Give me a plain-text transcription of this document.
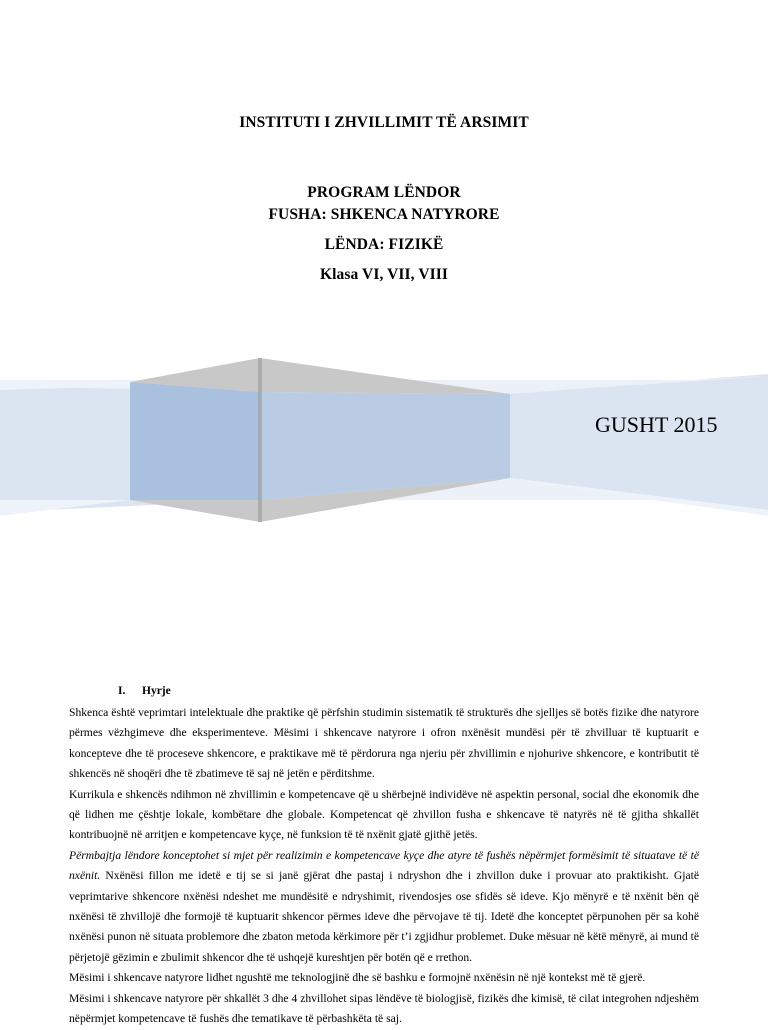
INSTITUTI I ZHVILLIMIT TË ARSIMIT
PROGRAM LËNDOR
FUSHA: SHKENCA NATYRORE
LËNDA: FIZIKË
Klasa VI, VII, VIII
GUSHT 2015
I. Hyrje

Shkenca është veprimtari intelektuale dhe praktike që përfshin studimin sistematik të strukturës dhe sjelljes së botës fizike dhe natyrore përmes vëzhgimeve dhe eksperimenteve. Mësimi i shkencave natyrore i ofron nxënësit mundësi për të zhvilluar të kuptuarit e koncepteve dhe të proceseve shkencore, e praktikave më të përdorura nga njeriu për zhvillimin e njohurive shkencore, e kontributit të shkencës në shoqëri dhe të zbatimeve të saj në jetën e përditshme.

Kurrikula e shkencës ndihmon në zhvillimin e kompetencave që u shërbejnë individëve në aspektin personal, social dhe ekonomik dhe që lidhen me çështje lokale, kombëtare dhe globale. Kompetencat që zhvillon fusha e shkencave të natyrës në të gjitha shkallët kontribuojnë në arritjen e kompetencave kyçe, në funksion të të nxënit gjatë gjithë jetës.

Përmbajtja lëndore konceptohet si mjet për realizimin e kompetencave kyçe dhe atyre të fushës nëpërmjet formësimit të situatave të të nxënit. Nxënësi fillon me idetë e tij se si janë gjërat dhe pastaj i ndryshon dhe i zhvillon duke i provuar ato praktikisht. Gjatë veprimtarive shkencore nxënësi ndeshet me mundësitë e ndryshimit, rivendosjes ose sfidës së ideve. Kjo mënyrë e të nxënit bën që nxënësi të zhvillojë dhe formojë të kuptuarit shkencor përmes ideve dhe përvojave të tij. Idetë dhe konceptet përpunohen për sa kohë nxënësi punon në situata problemore dhe zbaton metoda kërkimore për t’i zgjidhur problemet. Duke mësuar në këtë mënyrë, ai mund të përjetojë gëzimin e zbulimit shkencor dhe të ushqejë kureshtjen për botën që e rrethon.

Mësimi i shkencave natyrore lidhet ngushtë me teknologjinë dhe së bashku e formojnë nxënësin në një kontekst më të gjerë.

Mësimi i shkencave natyrore për shkallët 3 dhe 4 zhvillohet sipas lëndëve të biologjisë, fizikës dhe kimisë, të cilat integrohen ndjeshëm nëpërmjet kompetencave të fushës dhe tematikave të përbashkëta të saj.
